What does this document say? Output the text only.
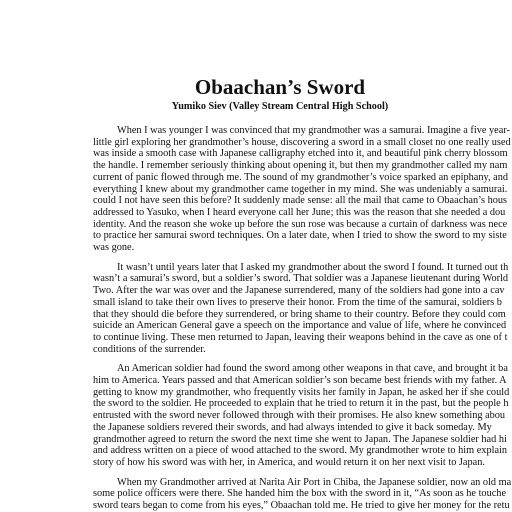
Obaachan’s Sword
Yumiko Siev (Valley Stream Central High School)
When I was younger I was convinced that my grandmother was a samurai. Imagine a five year-
little girl exploring her grandmother’s house, discovering a sword in a small closet no one really used
was inside a smooth case with Japanese calligraphy etched into it, and beautiful pink cherry blossom
the handle. I remember seriously thinking about opening it, but then my grandmother called my nam
current of panic flowed through me. The sound of my grandmother’s voice sparked an epiphany, and
everything I knew about my grandmother came together in my mind. She was undeniably a samurai.
could I not have seen this before? It suddenly made sense: all the mail that came to Obaachan’s hous
addressed to Yasuko, when I heard everyone call her June; this was the reason that she needed a dou
identity. And the reason she woke up before the sun rose was because a curtain of darkness was nece
to practice her samurai sword techniques. On a later date, when I tried to show the sword to my siste
was gone.
It wasn’t until years later that I asked my grandmother about the sword I found. It turned out th
wasn’t a samurai’s sword, but a soldier’s sword. That soldier was a Japanese lieutenant during World
Two. After the war was over and the Japanese surrendered, many of the soldiers had gone into a cav
small island to take their own lives to preserve their honor. From the time of the samurai, soldiers b
that they should die before they surrendered, or bring shame to their country. Before they could com
suicide an American General gave a speech on the importance and value of life, where he convinced
to continue living. These men returned to Japan, leaving their weapons behind in the cave as one of t
conditions of the surrender.
An American soldier had found the sword among other weapons in that cave, and brought it ba
him to America. Years passed and that American soldier’s son became best friends with my father. A
getting to know my grandmother, who frequently visits her family in Japan, he asked her if she could
the sword to the soldier. He proceeded to explain that he tried to return it in the past, but the people h
entrusted with the sword never followed through with their promises. He also knew something abou
the Japanese soldiers revered their swords, and had always intended to give it back someday. My
grandmother agreed to return the sword the next time she went to Japan. The Japanese soldier had hi
and address written on a piece of wood attached to the sword. My grandmother wrote to him explain
story of how his sword was with her, in America, and would return it on her next visit to Japan.
When my Grandmother arrived at Narita Air Port in Chiba, the Japanese soldier, now an old ma
some police officers were there. She handed him the box with the sword in it, “As soon as he touche
sword tears began to come from his eyes,” Obaachan told me. He tried to give her money for the retu
